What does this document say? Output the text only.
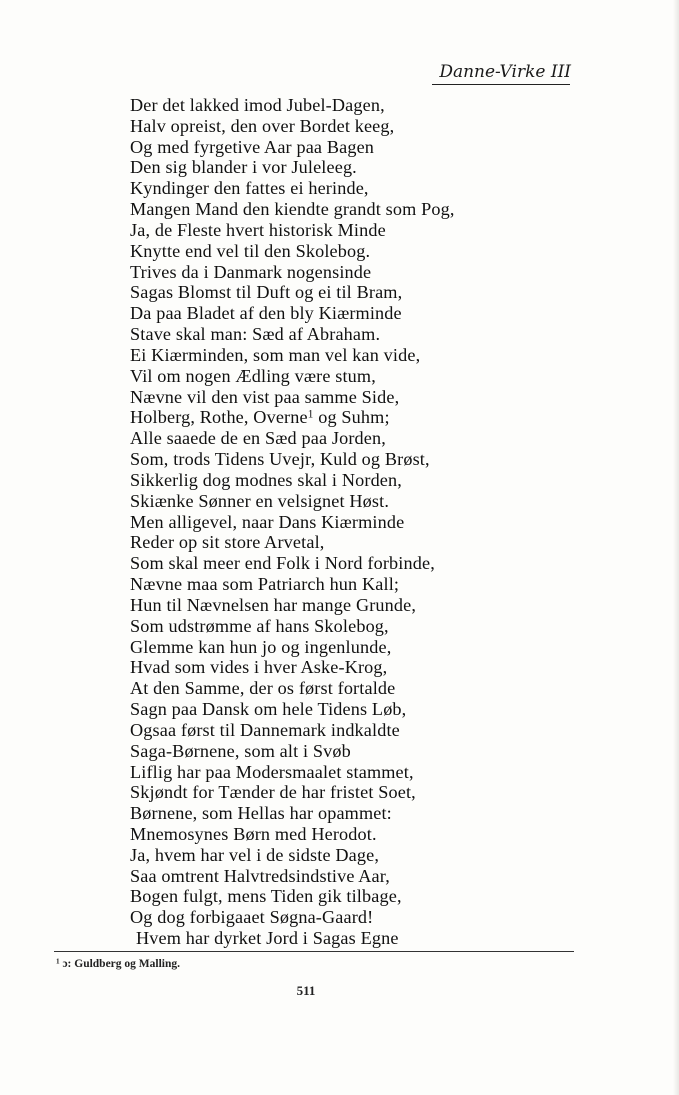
Danne-Virke III
Der det lakked imod Jubel-Dagen,
Halv opreist, den over Bordet keeg,
Og med fyrgetive Aar paa Bagen
Den sig blander i vor Juleleeg.
Kyndinger den fattes ei herinde,
Mangen Mand den kiendte grandt som Pog,
Ja, de Fleste hvert historisk Minde
Knytte end vel til den Skolebog.
Trives da i Danmark nogensinde
Sagas Blomst til Duft og ei til Bram,
Da paa Bladet af den bly Kiærminde
Stave skal man: Sæd af Abraham.
Ei Kiærminden, som man vel kan vide,
Vil om nogen Ædling være stum,
Nævne vil den vist paa samme Side,
Holberg, Rothe, Overne$^1$ og Suhm;
Alle saaede de en Sæd paa Jorden,
Som, trods Tidens Uvejr, Kuld og Brøst,
Sikkerlig dog modnes skal i Norden,
Skiænke Sønner en velsignet Høst.
Men alligevel, naar Dans Kiærminde
Reder op sit store Arvetal,
Som skal meer end Folk i Nord forbinde,
Nævne maa som Patriarch hun Kall;
Hun til Nævnelsen har mange Grunde,
Som udstrømme af hans Skolebog,
Glemme kan hun jo og ingenlunde,
Hvad som vides i hver Aske-Krog,
At den Samme, der os først fortalde
Sagn paa Dansk om hele Tidens Løb,
Ogsaa først til Dannemark indkaldte
Saga-Børnene, som alt i Svøb
Liflig har paa Modersmaalet stammet,
Skjøndt for Tænder de har fristet Soet,
Børnene, som Hellas har opammet:
Mnemosynes Børn med Herodot.
Ja, hvem har vel i de sidste Dage,
Saa omtrent Halvtredsindstive Aar,
Bogen fulgt, mens Tiden gik tilbage,
Og dog forbigaaet Søgna-Gaard!
Hvem har dyrket Jord i Sagas Egne
$^1$ ɔ: Guldberg og Malling.
511
